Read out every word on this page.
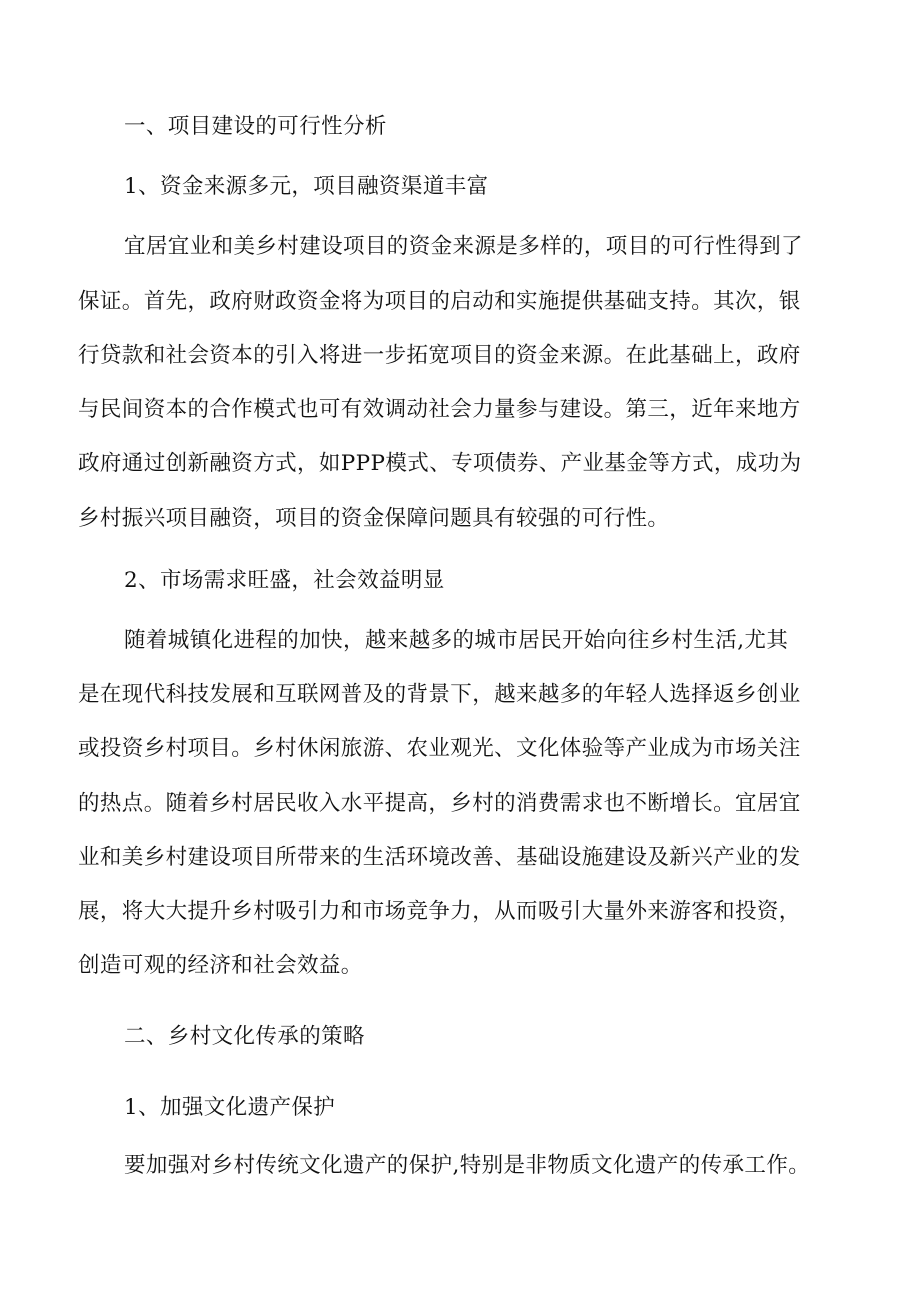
一、项目建设的可行性分析
1、资金来源多元，项目融资渠道丰富
宜居宜业和美乡村建设项目的资金来源是多样的，项目的可行性得到了
保证。首先，政府财政资金将为项目的启动和实施提供基础支持。其次，银
行贷款和社会资本的引入将进一步拓宽项目的资金来源。在此基础上，政府
与民间资本的合作模式也可有效调动社会力量参与建设。第三，近年来地方
政府通过创新融资方式，如PPP模式、专项债券、产业基金等方式，成功为
乡村振兴项目融资，项目的资金保障问题具有较强的可行性。
2、市场需求旺盛，社会效益明显
随着城镇化进程的加快，越来越多的城市居民开始向往乡村生活,尤其
是在现代科技发展和互联网普及的背景下，越来越多的年轻人选择返乡创业
或投资乡村项目。乡村休闲旅游、农业观光、文化体验等产业成为市场关注
的热点。随着乡村居民收入水平提高，乡村的消费需求也不断增长。宜居宜
业和美乡村建设项目所带来的生活环境改善、基础设施建设及新兴产业的发
展，将大大提升乡村吸引力和市场竞争力，从而吸引大量外来游客和投资，
创造可观的经济和社会效益。
二、乡村文化传承的策略
1、加强文化遗产保护
要加强对乡村传统文化遗产的保护,特别是非物质文化遗产的传承工作。
